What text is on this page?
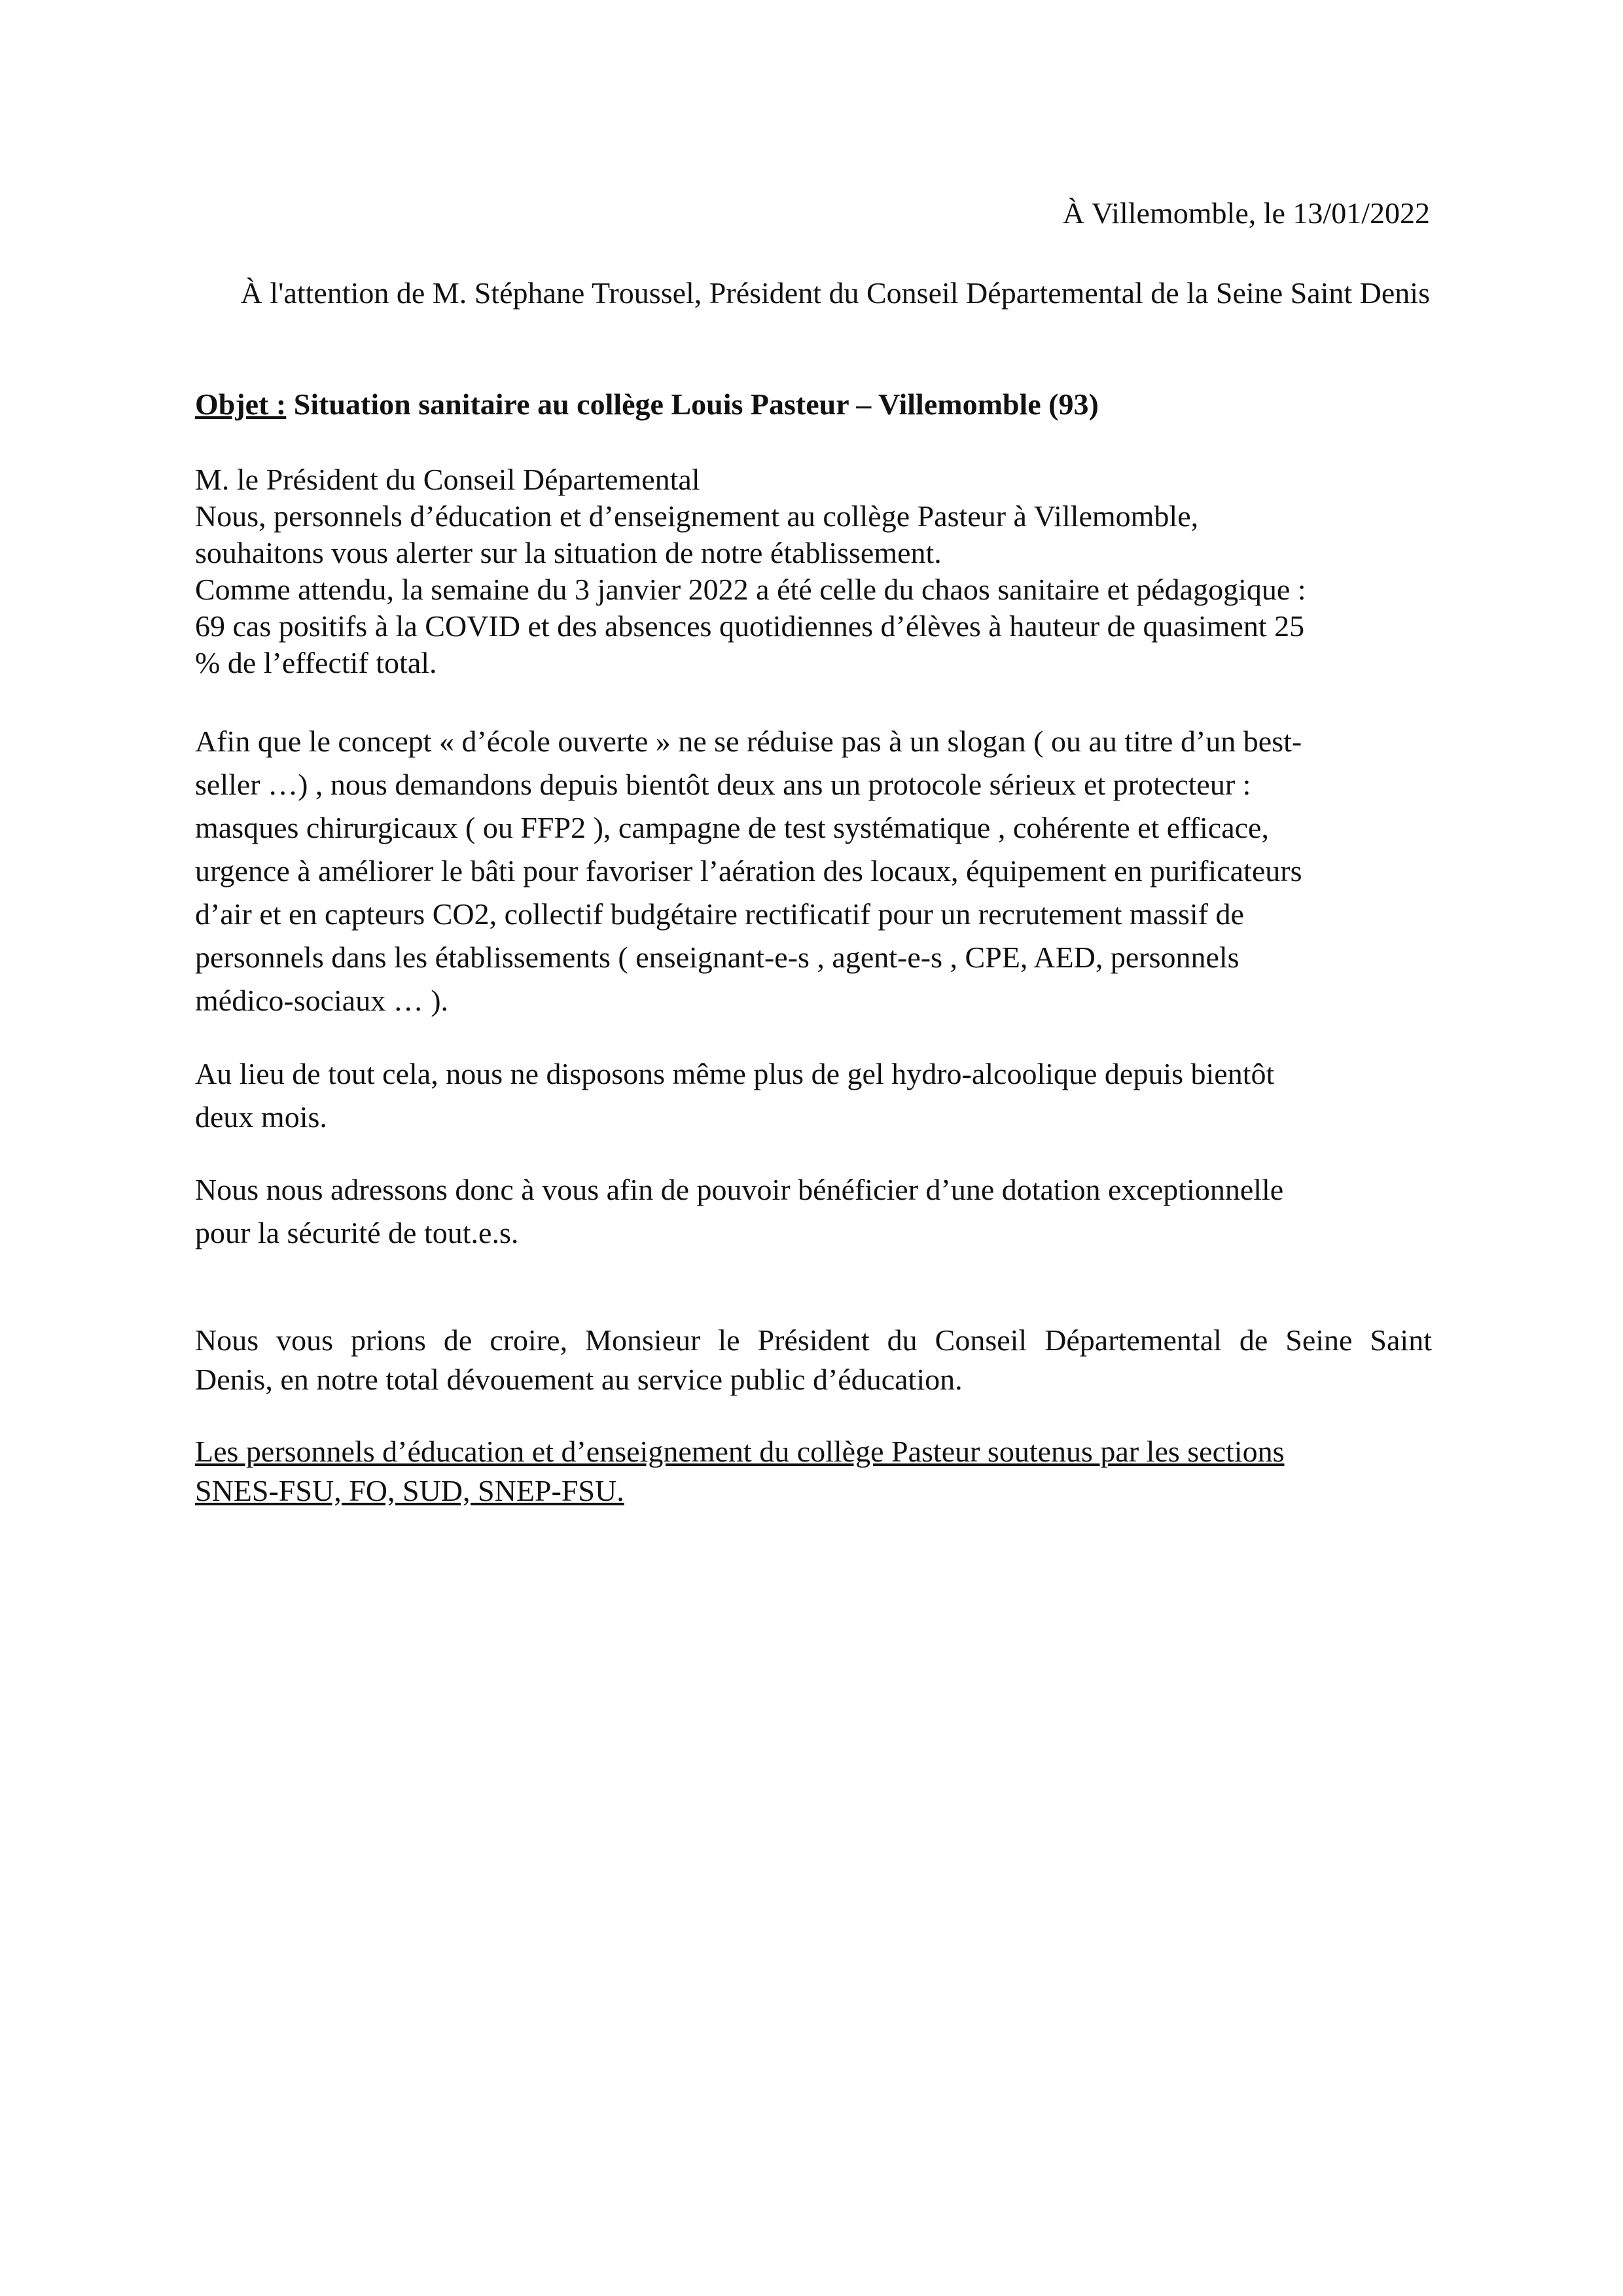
À Villemomble, le 13/01/2022
À l'attention de M. Stéphane Troussel, Président du Conseil Départemental de la Seine Saint Denis
Objet : Situation sanitaire au collège Louis Pasteur – Villemomble (93)
M. le Président du Conseil Départemental
Nous, personnels d’éducation et d’enseignement au collège Pasteur à Villemomble,
souhaitons vous alerter sur la situation de notre établissement.
Comme attendu, la semaine du 3 janvier 2022 a été celle du chaos sanitaire et pédagogique :
69 cas positifs à la COVID et des absences quotidiennes d’élèves à hauteur de quasiment 25
% de l’effectif total.
Afin que le concept « d’école ouverte » ne se réduise pas à un slogan ( ou au titre d’un best-
seller …) , nous demandons depuis bientôt deux ans un protocole sérieux et protecteur :
masques chirurgicaux ( ou FFP2 ), campagne de test systématique , cohérente et efficace,
urgence à améliorer le bâti pour favoriser l’aération des locaux, équipement en purificateurs
d’air et en capteurs CO2, collectif budgétaire rectificatif pour un recrutement massif de
personnels dans les établissements ( enseignant-e-s , agent-e-s , CPE, AED, personnels
médico-sociaux … ).
Au lieu de tout cela, nous ne disposons même plus de gel hydro-alcoolique depuis bientôt
deux mois.
Nous nous adressons donc à vous afin de pouvoir bénéficier d’une dotation exceptionnelle
pour la sécurité de tout.e.s.
Nous vous prions de croire, Monsieur le Président du Conseil Départemental de Seine Saint
Denis, en notre total dévouement au service public d’éducation.
Les personnels d’éducation et d’enseignement du collège Pasteur soutenus par les sections
SNES-FSU, FO, SUD, SNEP-FSU.
